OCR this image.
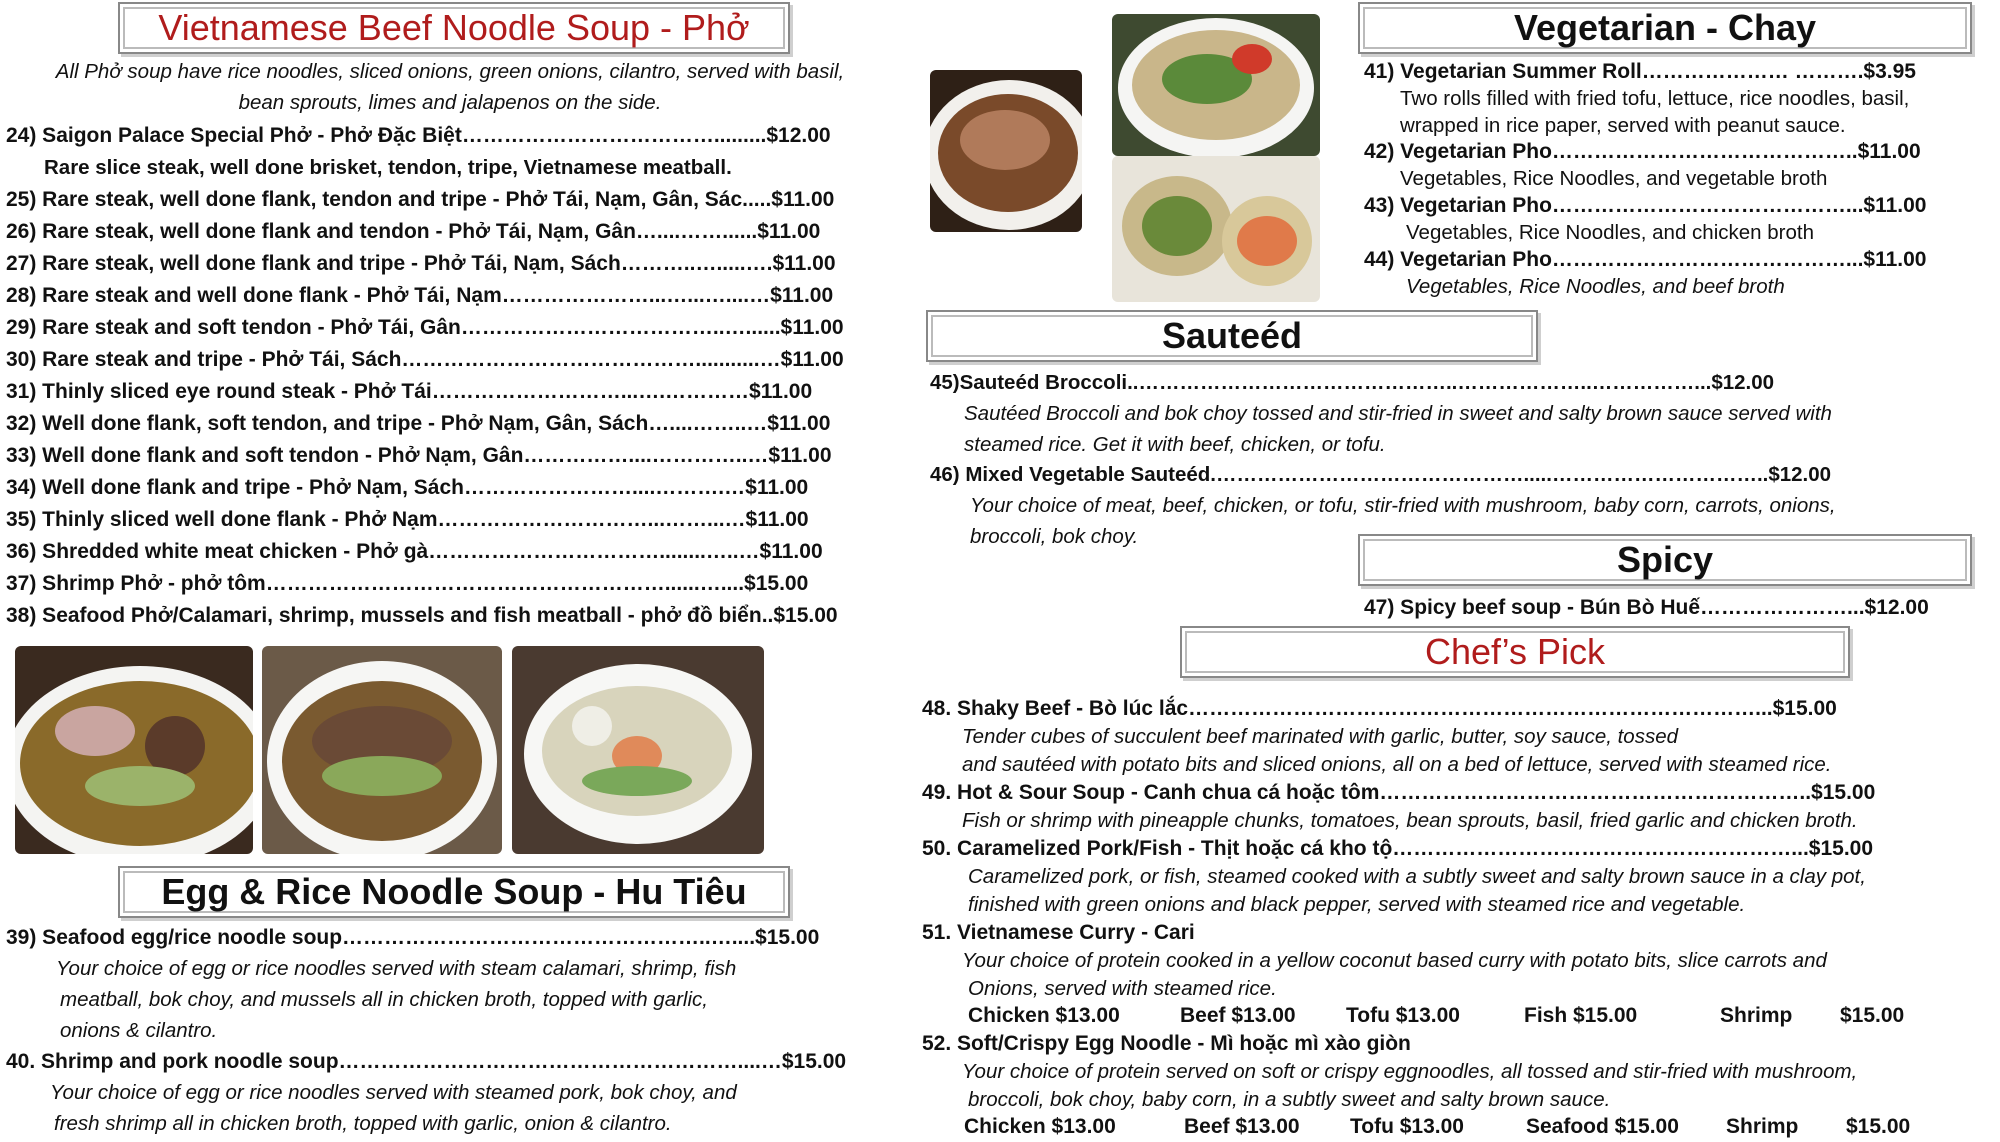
Vietnamese Beef Noodle Soup - Phở
All Phở soup have rice noodles, sliced onions, green onions, cilantro, served with basil,
bean sprouts, limes and jalapenos on the side.
24) Saigon Palace Special Phở - Phở Đặc Biệt……………………………….........$12.00
Rare slice steak, well done brisket, tendon, tripe, Vietnamese meatball.
25) Rare steak, well done flank, tendon and tripe - Phở Tái, Nạm, Gân, Sác.....$11.00
26) Rare steak, well done flank and tendon - Phở Tái, Nạm, Gân…....……......$11.00
27) Rare steak, well done flank and tripe - Phở Tái, Nạm, Sách………..….....….$11.00
28) Rare steak and well done flank - Phở Tái, Nạm…………………...…...…....…$11.00
29) Rare steak and soft tendon - Phở Tái, Gân………………………………..…......$11.00
30) Rare steak and tripe - Phở Tái, Sách……………………………………...........…$11.00
31) Thinly sliced eye round steak - Phở Tái………………………...….…………$11.00
32) Well done flank, soft tendon, and tripe - Phở Nạm, Gân, Sách…....……..…$11.00
33) Well done flank and soft tendon - Phở Nạm, Gân……………....…………..…$11.00
34) Well done flank and tripe - Phở Nạm, Sách……………………....……….…$11.00
35) Thinly sliced well done flank - Phở Nạm…………………………...……...…$11.00
36) Shredded white meat chicken - Phở gà……………………………........…..…$11.00
37) Shrimp Phở - phở tôm…………………………………………………......…....$15.00
38) Seafood Phở/Calamari, shrimp, mussels and fish meatball - phở đồ biển..$15.00
Egg & Rice Noodle Soup - Hu Tiêu
39) Seafood egg/rice noodle soup……………………………………………..…....$15.00
Your choice of egg or rice noodles served with steam calamari, shrimp, fish
meatball, bok choy, and mussels all in chicken broth, topped with garlic,
onions & cilantro.
40. Shrimp and pork noodle soup…………………………………………………....…$15.00
Your choice of egg or rice noodles served with steamed pork, bok choy, and
fresh shrimp all in chicken broth, topped with garlic, onion & cilantro.
Vegetarian - Chay
41) Vegetarian Summer Roll………………… ……….$3.95
Two rolls filled with fried tofu, lettuce, rice noodles, basil,
wrapped in rice paper, served with peanut sauce.
42) Vegetarian Pho……………………………………..$11.00
Vegetables, Rice Noodles, and vegetable broth
43) Vegetarian Pho……………………………………...$11.00
Vegetables, Rice Noodles, and chicken broth
44) Vegetarian Pho……………………………………...$11.00
Vegetables, Rice Noodles, and beef broth
Sauteéd
45)Sauteéd Broccoli..………………………………………..………………..……………...$12.00
Sautéed Broccoli and bok choy tossed and stir-fried in sweet and salty brown sauce served with
steamed rice. Get it with beef, chicken, or tofu.
46) Mixed Vegetable Sauteéd.……………………………………….....…………………………..$12.00
Your choice of meat, beef, chicken, or tofu, stir-fried with mushroom, baby corn, carrots, onions,
broccoli, bok choy.
Spicy
47) Spicy beef soup - Bún Bò Huế…………………...$12.00
Chef’s Pick
48. Shaky Beef - Bò lúc lắc………………………………………………………………………...$15.00
Tender cubes of succulent beef marinated with garlic, butter, soy sauce, tossed
and sautéed with potato bits and sliced onions, all on a bed of lettuce, served with steamed rice.
49. Hot & Sour Soup - Canh chua cá hoặc tôm……………………………………………………..$15.00
Fish or shrimp with pineapple chunks, tomatoes, bean sprouts, basil, fried garlic and chicken broth.
50. Caramelized Pork/Fish - Thịt hoặc cá kho tộ…………………………………………………...$15.00
Caramelized pork, or fish, steamed cooked with a subtly sweet and salty brown sauce in a clay pot,
finished with green onions and black pepper, served with steamed rice and vegetable.
51. Vietnamese Curry - Cari
Your choice of protein cooked in a yellow coconut based curry with potato bits, slice carrots and
Onions, served with steamed rice.
Chicken $13.00	Beef $13.00 Tofu $13.00	Fish $15.00	Shrimp $15.00
52. Soft/Crispy Egg Noodle - Mì hoặc mì xào giòn
Your choice of protein served on soft or crispy eggnoodles, all tossed and stir-fried with mushroom,
broccoli, bok choy, baby corn, in a subtly sweet and salty brown sauce.
Chicken $13.00	Beef $13.00 Tofu $13.00	Seafood $15.00 Shrimp $15.00
